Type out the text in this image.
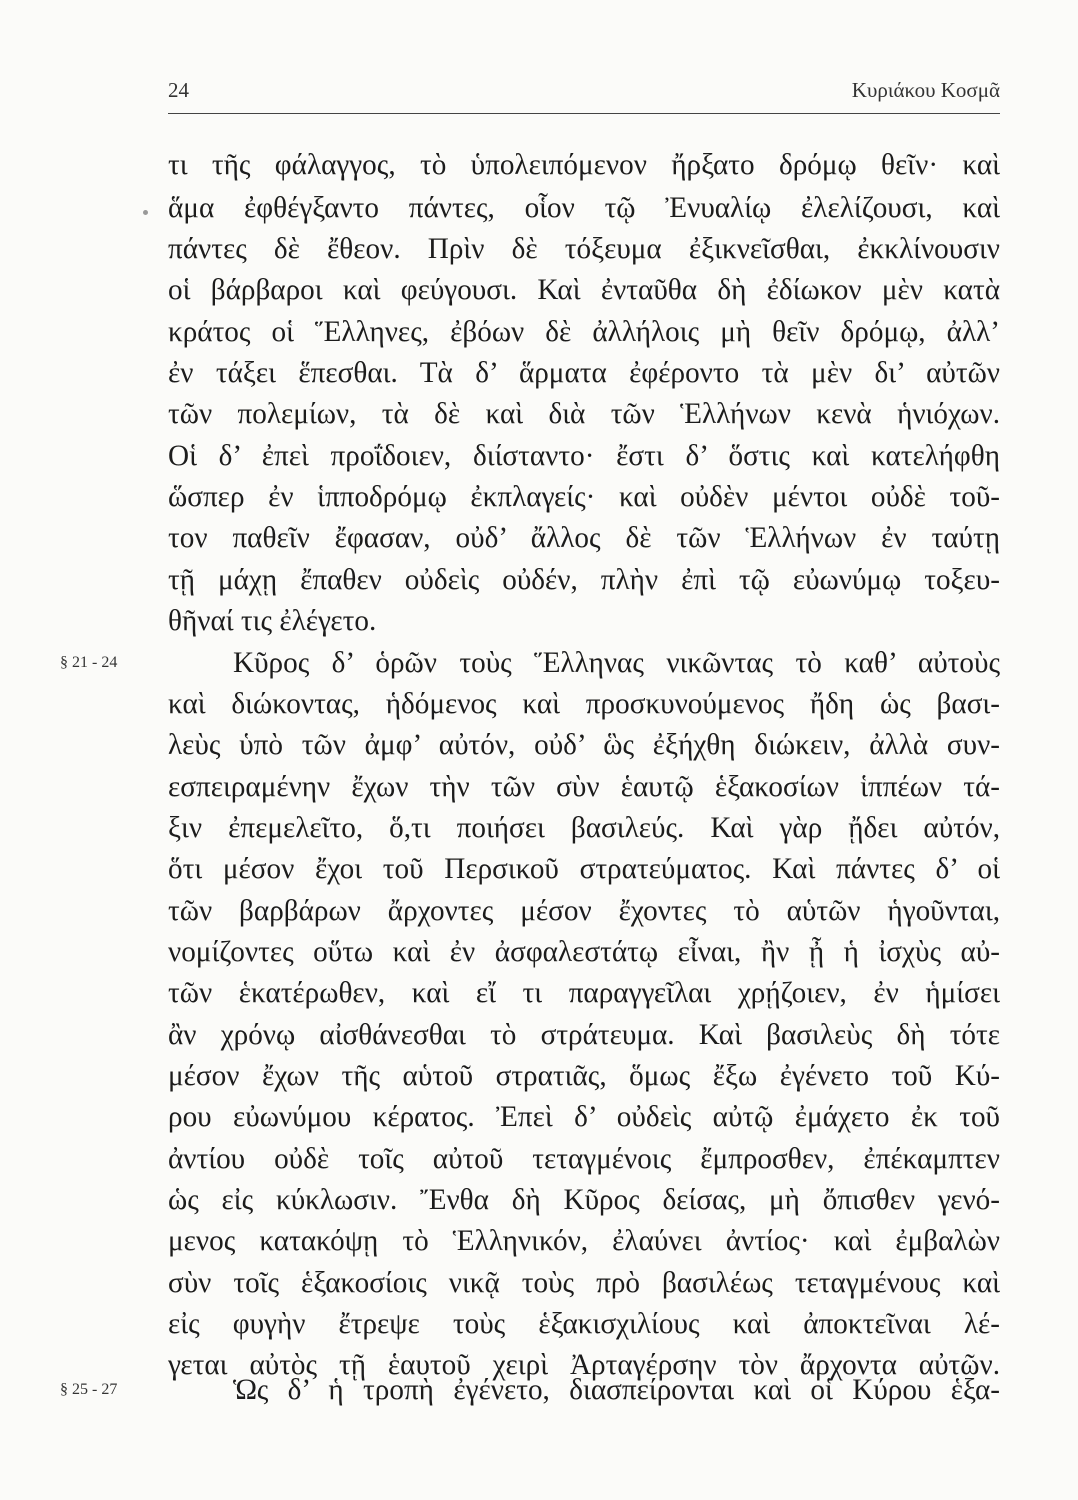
24	Κυριάκου Κοσμᾶ
§ 21 - 24
§ 25 - 27
τι τῆς φάλαγγος, τὸ ὑπολειπόμενον ἤρξατο δρόμῳ θεῖν· καὶ
ἅμα ἐφθέγξαντο πάντες, οἷον τῷ Ἐνυαλίῳ ἐλελίζουσι, καὶ
πάντες δὲ ἔθεον. Πρὶν δὲ τόξευμα ἐξικνεῖσθαι, ἐκκλίνουσιν
οἱ βάρβαροι καὶ φεύγουσι. Καὶ ἐνταῦθα δὴ ἐδίωκον μὲν κατὰ
κράτος οἱ Ἕλληνες, ἐβόων δὲ ἀλλήλοις μὴ θεῖν δρόμῳ, ἀλλ’
ἐν τάξει ἕπεσθαι. Τὰ δ’ ἅρματα ἐφέροντο τὰ μὲν δι’ αὐτῶν
τῶν πολεμίων, τὰ δὲ καὶ διὰ τῶν Ἑλλήνων κενὰ ἡνιόχων.
Οἱ δ’ ἐπεὶ προΐδοιεν, διίσταντο· ἔστι δ’ ὅστις καὶ κατελήφθη
ὥσπερ ἐν ἱπποδρόμῳ ἐκπλαγείς· καὶ οὐδὲν μέντοι οὐδὲ τοῦ-
τον παθεῖν ἔφασαν, οὐδ’ ἄλλος δὲ τῶν Ἑλλήνων ἐν ταύτῃ
τῇ μάχῃ ἔπαθεν οὐδεὶς οὐδέν, πλὴν ἐπὶ τῷ εὐωνύμῳ τοξευ-
θῆναί τις ἐλέγετο.
Κῦρος δ’ ὁρῶν τοὺς Ἕλληνας νικῶντας τὸ καθ’ αὐτοὺς
καὶ διώκοντας, ἡδόμενος καὶ προσκυνούμενος ἤδη ὡς βασι-
λεὺς ὑπὸ τῶν ἀμφ’ αὐτόν, οὐδ’ ὣς ἐξήχθη διώκειν, ἀλλὰ συν-
εσπειραμένην ἔχων τὴν τῶν σὺν ἑαυτῷ ἑξακοσίων ἱππέων τά-
ξιν ἐπεμελεῖτο, ὅ,τι ποιήσει βασιλεύς. Καὶ γὰρ ᾔδει αὐτόν,
ὅτι μέσον ἔχοι τοῦ Περσικοῦ στρατεύματος. Καὶ πάντες δ’ οἱ
τῶν βαρβάρων ἄρχοντες μέσον ἔχοντες τὸ αὑτῶν ἡγοῦνται,
νομίζοντες οὕτω καὶ ἐν ἀσφαλεστάτῳ εἶναι, ἢν ᾖ ἡ ἰσχὺς αὐ-
τῶν ἑκατέρωθεν, καὶ εἴ τι παραγγεῖλαι χρῄζοιεν, ἐν ἡμίσει
ἂν χρόνῳ αἰσθάνεσθαι τὸ στράτευμα. Καὶ βασιλεὺς δὴ τότε
μέσον ἔχων τῆς αὑτοῦ στρατιᾶς, ὅμως ἔξω ἐγένετο τοῦ Κύ-
ρου εὐωνύμου κέρατος. Ἐπεὶ δ’ οὐδεὶς αὐτῷ ἐμάχετο ἐκ τοῦ
ἀντίου οὐδὲ τοῖς αὐτοῦ τεταγμένοις ἔμπροσθεν, ἐπέκαμπτεν
ὡς εἰς κύκλωσιν. Ἔνθα δὴ Κῦρος δείσας, μὴ ὄπισθεν γενό-
μενος κατακόψῃ τὸ Ἑλληνικόν, ἐλαύνει ἀντίος· καὶ ἐμβαλὼν
σὺν τοῖς ἑξακοσίοις νικᾷ τοὺς πρὸ βασιλέως τεταγμένους καὶ
εἰς φυγὴν ἔτρεψε τοὺς ἑξακισχιλίους καὶ ἀποκτεῖναι λέ-
γεται αὐτὸς τῇ ἑαυτοῦ χειρὶ Ἀρταγέρσην τὸν ἄρχοντα αὐτῶν.
Ὡς δ’ ἡ τροπὴ ἐγένετο, διασπείρονται καὶ οἱ Κύρου ἑξα-
